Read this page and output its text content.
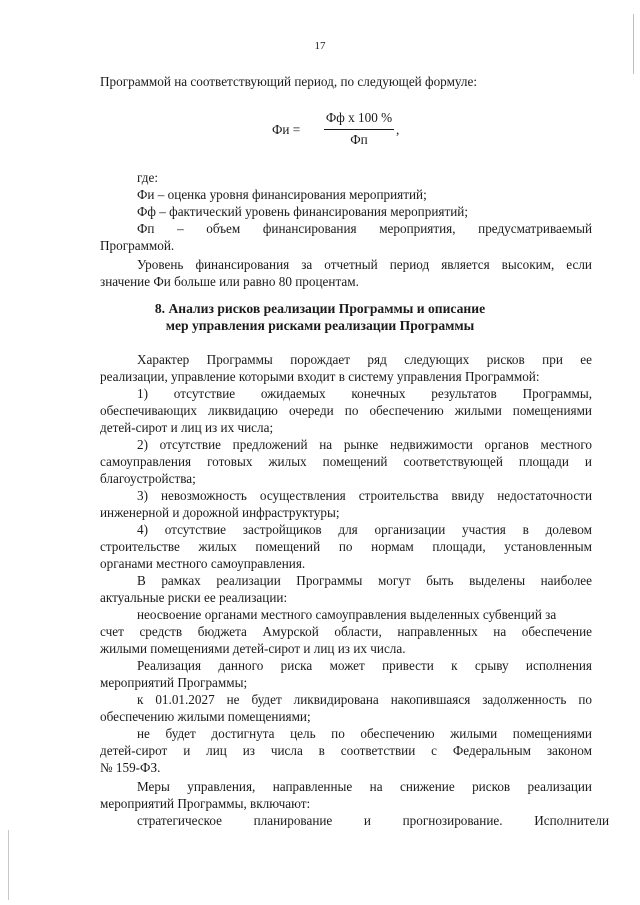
17
Программой на соответствующий период, по следующей формуле:
Фи =
Фф х 100 %
Фп
,
где:
Фи – оценка уровня финансирования мероприятий;
Фф – фактический уровень финансирования мероприятий;
Фп – объем финансирования мероприятия, предусматриваемый
Программой.
Уровень финансирования за отчетный период является высоким, если
значение Фи больше или равно 80 процентам.
8. Анализ рисков реализации Программы и описание
мер управления рисками реализации Программы
Характер Программы порождает ряд следующих рисков при ее
реализации, управление которыми входит в систему управления Программой:
1) отсутствие ожидаемых конечных результатов Программы,
обеспечивающих ликвидацию очереди по обеспечению жилыми помещениями
детей-сирот и лиц из их числа;
2) отсутствие предложений на рынке недвижимости органов местного
самоуправления готовых жилых помещений соответствующей площади и
благоустройства;
3) невозможность осуществления строительства ввиду недостаточности
инженерной и дорожной инфраструктуры;
4) отсутствие застройщиков для организации участия в долевом
строительстве жилых помещений по нормам площади, установленным
органами местного самоуправления.
В рамках реализации Программы могут быть выделены наиболее
актуальные риски ее реализации:
неосвоение органами местного самоуправления выделенных субвенций за
счет средств бюджета Амурской области, направленных на обеспечение
жилыми помещениями детей-сирот и лиц из их числа.
Реализация данного риска может привести к срыву исполнения
мероприятий Программы;
к 01.01.2027 не будет ликвидирована накопившаяся задолженность по
обеспечению жилыми помещениями;
не будет достигнута цель по обеспечению жилыми помещениями
детей-сирот и лиц из числа в соответствии с Федеральным законом
№ 159-ФЗ.
Меры управления, направленные на снижение рисков реализации
мероприятий Программы, включают:
стратегическое планирование и прогнозирование. Исполнители
